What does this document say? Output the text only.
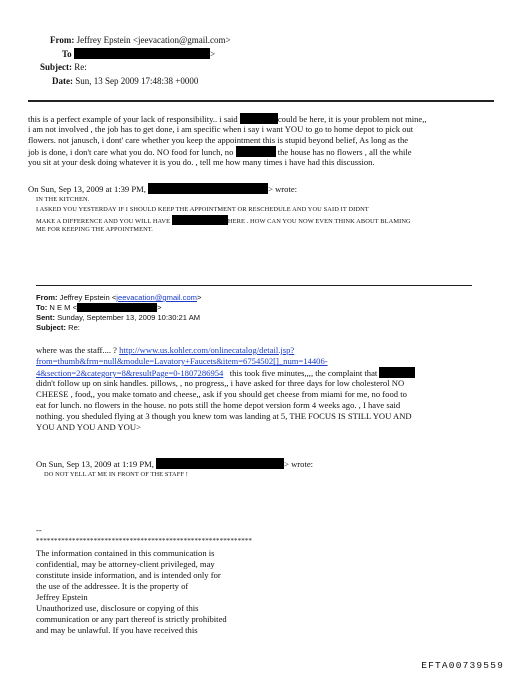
From: Jeffrey Epstein <jeevacation@gmail.com>
To	>
Subject: Re:
Date: Sun, 13 Sep 2009 17:48:38 +0000
this is a perfect example of your lack of responsibility.. i said	could be here, it is your problem not mine,,
i am not involved , the job has to get done, i am specific when i say i want YOU to go to home depot to pick out
flowers. not janusch, i dont' care whether you keep the appointment this is stupid beyond belief, As long as the
job is done, i don't care what you do. NO food for lunch, no	the house has no flowers , all the while
you sit at your desk doing whatever it is you do. , tell me how many times i have had this discussion.
On Sun, Sep 13, 2009 at 1:39 PM,	> wrote:
IN THE KITCHEN.
I ASKED YOU YESTERDAY IF I SHOULD KEEP THE APPOINTMENT OR RESCHEDULE AND YOU SAID IT DIDNT
MAKE A DIFFERENCE AND YOU WILL HAVE	HERE . HOW CAN YOU NOW EVEN THINK ABOUT BLAMING
ME FOR KEEPING THE APPOINTMENT.
From: Jeffrey Epstein <jeevacation@gmail.com>
To: N E M <	>
Sent: Sunday, September 13, 2009 10:30:21 AM
Subject: Re:
where was the staff.... ? http://www.us.kohler.com/onlinecatalog/detail.jsp?
from=thumb&frm=null&module=Lavatory+Faucets&item=6754502[]_num=14406-
4&section=2&category=8&resultPage=0-1807286954 this took five minutes,,,, the complaint that
didn't follow up on sink handles. pillows, , no progress,, i have asked for three days for low cholesterol NO
CHEESE , food,, you make tomato and cheese,, ask if you should get cheese from miami for me, no food to
eat for lunch. no flowers in the house. no pots still the home depot version form 4 weeks ago. , I have said
nothing. you sheduled flying at 3 though you knew tom was landing at 5, THE FOCUS IS STILL YOU AND
YOU AND YOU AND YOU>
On Sun, Sep 13, 2009 at 1:19 PM,	> wrote:
DO NOT YELL AT ME IN FRONT OF THE STAFF !
--
************************************************************
The information contained in this communication is
confidential, may be attorney-client privileged, may
constitute inside information, and is intended only for
the use of the addressee. It is the property of
Jeffrey Epstein
Unauthorized use, disclosure or copying of this
communication or any part thereof is strictly prohibited
and may be unlawful. If you have received this
EFTA00739559
